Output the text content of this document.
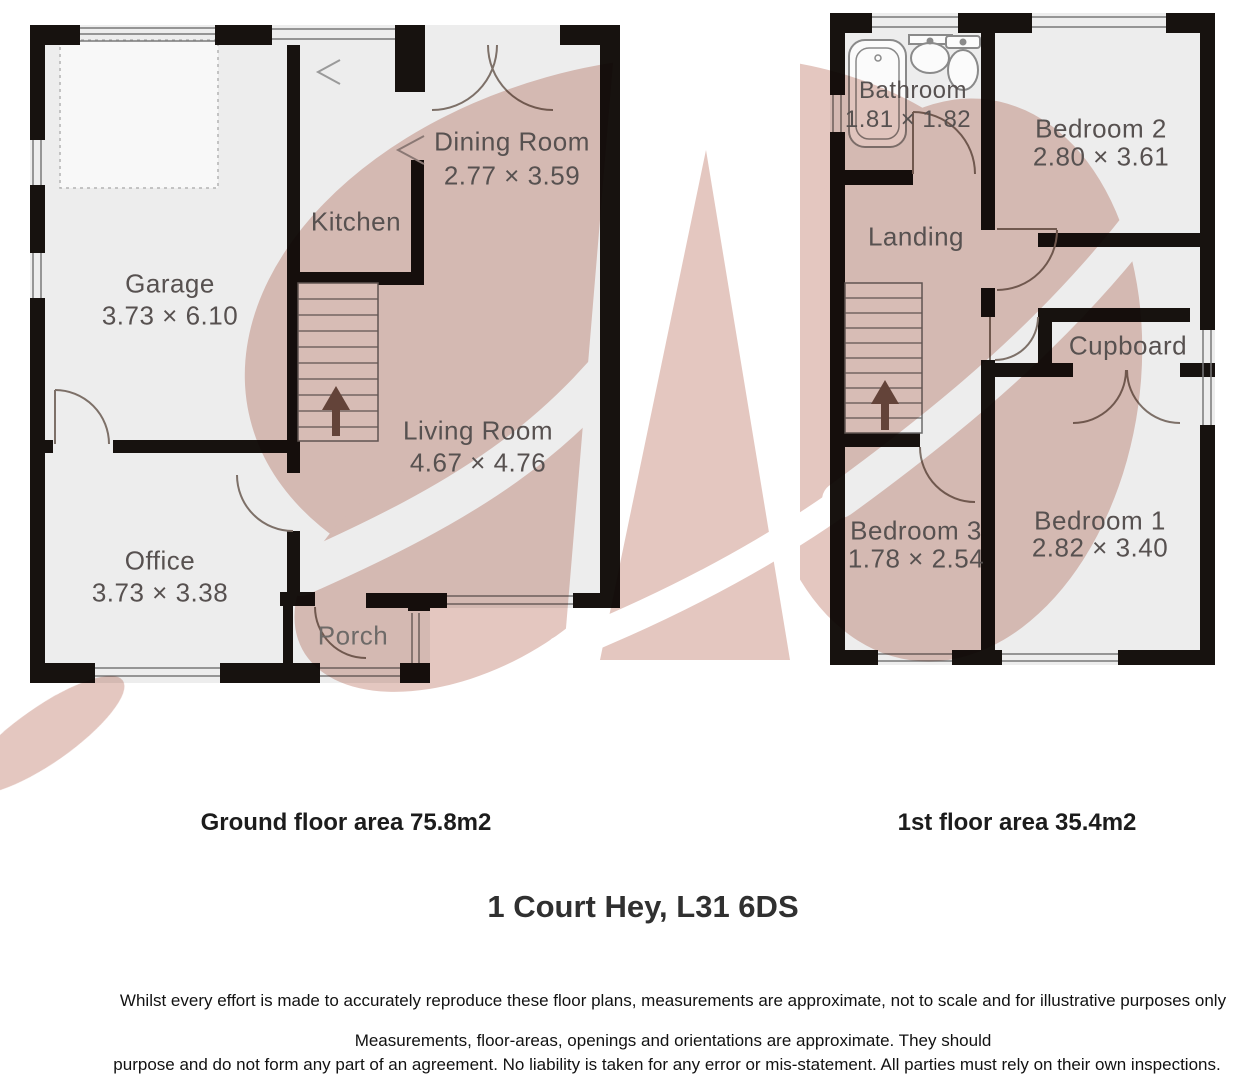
Garage
3.73 × 6.10
Kitchen
Dining Room
2.77 × 3.59
Living Room
4.67 × 4.76
Office
3.73 × 3.38
Porch
Bathroom
1.81 × 1.82 Bedroom 2
2.80 × 3.61
Landing
Cupboard
Bedroom 3
1.78 × 2.54
Bedroom 1
2.82 × 3.40
Ground floor area 75.8m2	1st floor area 35.4m2
1 Court Hey, L31 6DS
Whilst every effort is made to accurately reproduce these floor plans, measurements are approximate, not to scale and for illustrative purposes only
Measurements, floor-areas, openings and orientations are approximate. They should
purpose and do not form any part of an agreement. No liability is taken for any error or mis-statement. All parties must rely on their own inspections.
